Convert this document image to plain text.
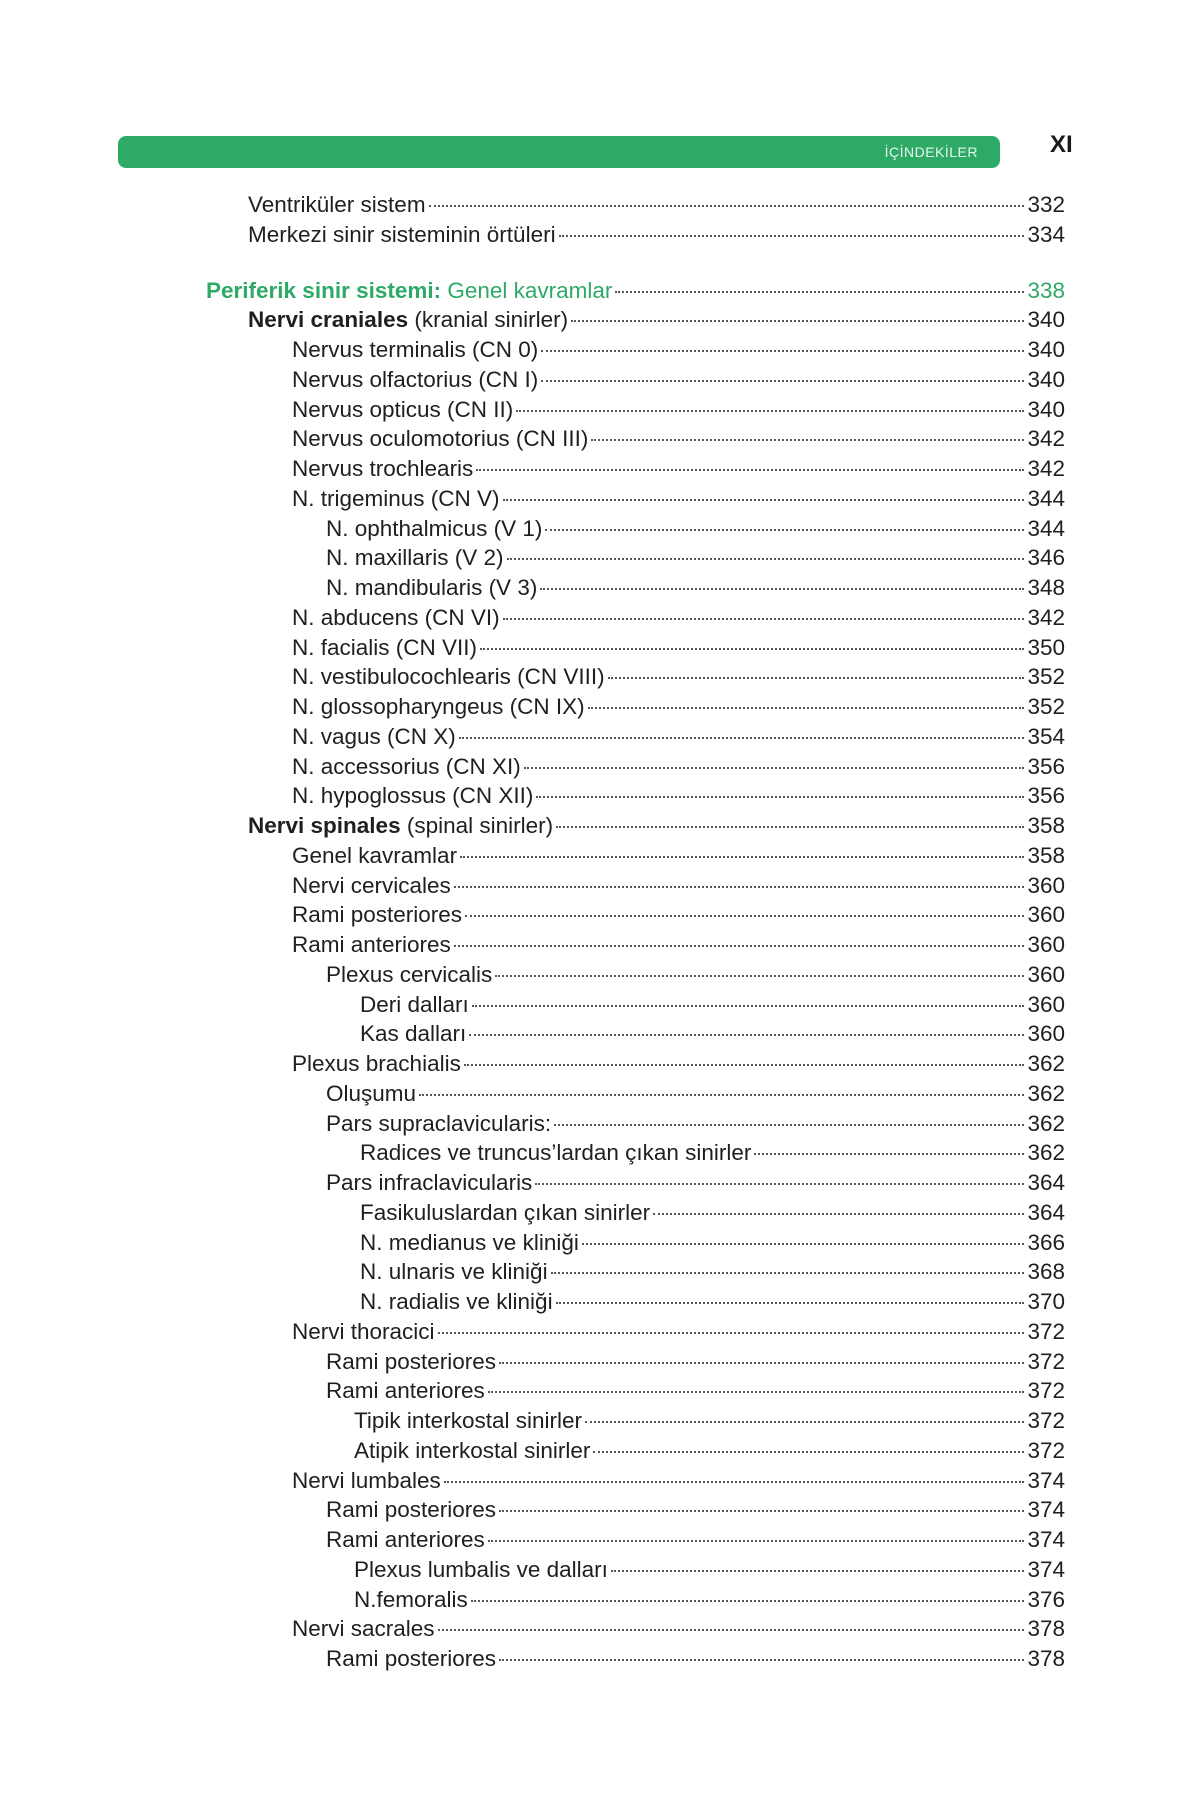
İÇİNDEKİLER	XI
Ventriküler sistem	332
Merkezi sinir sisteminin örtüleri	334
Periferik sinir sistemi: Genel kavramlar	338
Nervi craniales (kranial sinirler)	340
Nervus terminalis (CN 0)	340
Nervus olfactorius (CN I)	340
Nervus opticus (CN II)	340
Nervus oculomotorius (CN III)	342
Nervus trochlearis	342
N. trigeminus (CN V)	344
N. ophthalmicus (V 1)	344
N. maxillaris (V 2)	346
N. mandibularis (V 3)	348
N. abducens (CN VI)	342
N. facialis (CN VII)	350
N. vestibulocochlearis (CN VIII)	352
N. glossopharyngeus (CN IX)	352
N. vagus (CN X)	354
N. accessorius (CN XI)	356
N. hypoglossus (CN XII)	356
Nervi spinales (spinal sinirler)	358
Genel kavramlar	358
Nervi cervicales	360
Rami posteriores	360
Rami anteriores	360
Plexus cervicalis	360
Deri dalları	360
Kas dalları	360
Plexus brachialis	362
Oluşumu	362
Pars supraclavicularis:	362
Radices ve truncus’lardan çıkan sinirler	362
Pars infraclavicularis	364
Fasikuluslardan çıkan sinirler	364
N. medianus ve kliniği	366
N. ulnaris ve kliniği	368
N. radialis ve kliniği	370
Nervi thoracici	372
Rami posteriores	372
Rami anteriores	372
Tipik interkostal sinirler	372
Atipik interkostal sinirler	372
Nervi lumbales	374
Rami posteriores	374
Rami anteriores	374
Plexus lumbalis ve dalları	374
N.femoralis	376
Nervi sacrales	378
Rami posteriores	378
